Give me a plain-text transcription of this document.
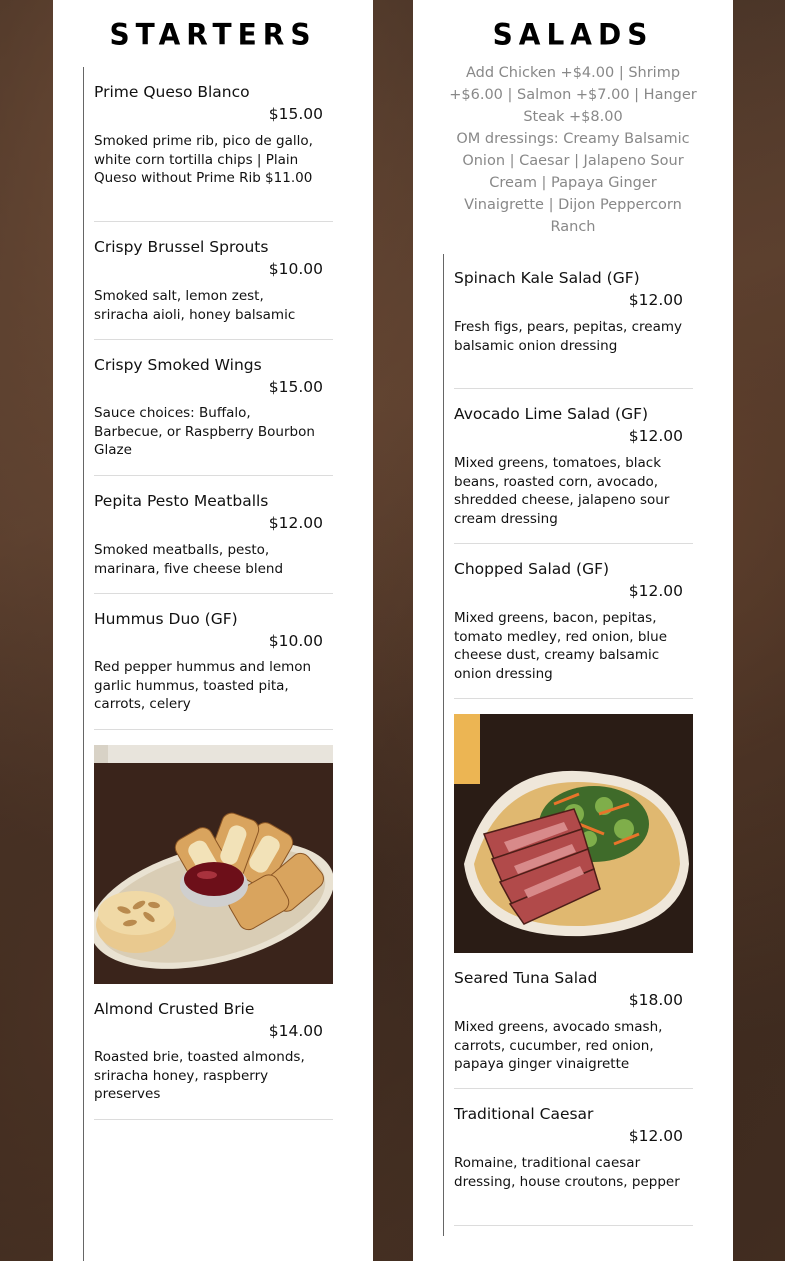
STARTERS
Prime Queso Blanco
$15.00
Smoked prime rib, pico de gallo, white corn tortilla chips | Plain Queso without Prime Rib $11.00
Crispy Brussel Sprouts
$10.00
Smoked salt, lemon zest, sriracha aioli, honey balsamic
Crispy Smoked Wings
$15.00
Sauce choices: Buffalo, Barbecue, or Raspberry Bourbon Glaze
Pepita Pesto Meatballs
$12.00
Smoked meatballs, pesto, marinara, five cheese blend
Hummus Duo (GF)
$10.00
Red pepper hummus and lemon garlic hummus, toasted pita, carrots, celery
Almond Crusted Brie
$14.00
Roasted brie, toasted almonds, sriracha honey, raspberry preserves
SALADS
Add Chicken +$4.00 | Shrimp +$6.00 | Salmon +$7.00 | Hanger Steak +$8.00
OM dressings: Creamy Balsamic Onion | Caesar | Jalapeno Sour Cream | Papaya Ginger Vinaigrette | Dijon Peppercorn Ranch
Spinach Kale Salad (GF)
$12.00
Fresh figs, pears, pepitas, creamy balsamic onion dressing
Avocado Lime Salad (GF)
$12.00
Mixed greens, tomatoes, black beans, roasted corn, avocado, shredded cheese, jalapeno sour cream dressing
Chopped Salad (GF)
$12.00
Mixed greens, bacon, pepitas, tomato medley, red onion, blue cheese dust, creamy balsamic onion dressing
Seared Tuna Salad
$18.00
Mixed greens, avocado smash, carrots, cucumber, red onion, papaya ginger vinaigrette
Traditional Caesar
$12.00
Romaine, traditional caesar dressing, house croutons, pepper
